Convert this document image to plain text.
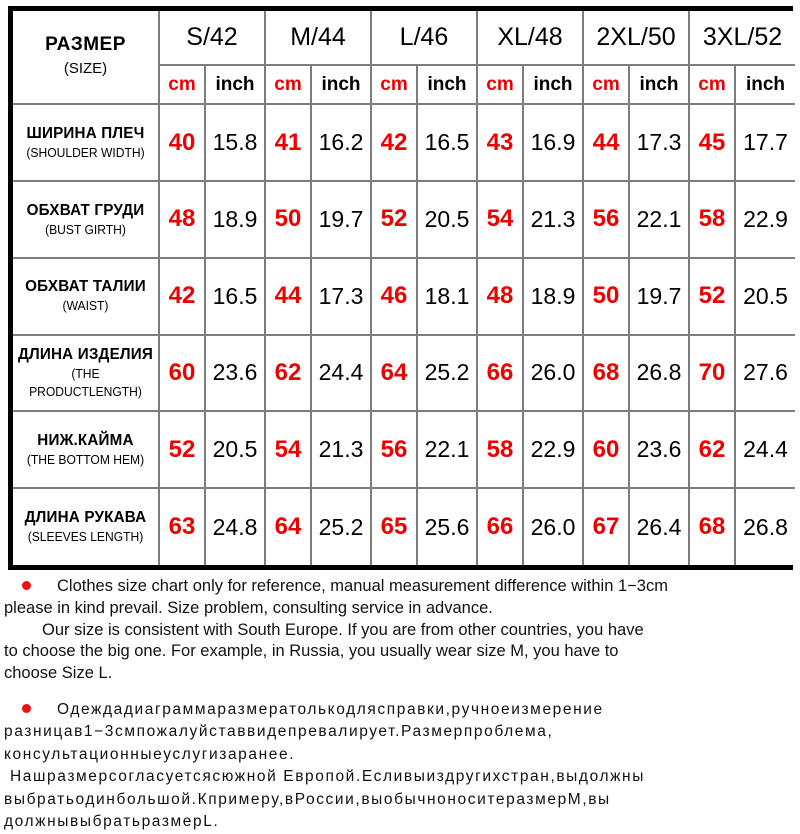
РАЗМЕР
(SIZE)	S/42		M/44		L/46		XL/48		2XL/50		3XL/52	
	cm	inch	cm	inch	cm	inch	cm	inch	cm	inch	cm	inch

ШИРИНА ПЛЕЧ
(SHOULDER WIDTH)	40	15.8	41	16.2	42	16.5	43	16.9	44	17.3	45	17.7

ОБХВАТ ГРУДИ
(BUST GIRTH)	48	18.9	50	19.7	52	20.5	54	21.3	56	22.1	58	22.9

ОБХВАТ ТАЛИИ
(WAIST)	42	16.5	44	17.3	46	18.1	48	18.9	50	19.7	52	20.5

ДЛИНА ИЗДЕЛИЯ
(THE PRODUCTLENGTH)	60	23.6	62	24.4	64	25.2	66	26.0	68	26.8	70	27.6

НИЖ.КАЙМА
(THE BOTTOM HEM)	52	20.5	54	21.3	56	22.1	58	22.9	60	23.6	62	24.4

ДЛИНА РУКАВА
(SLEEVES LENGTH)	63	24.8	64	25.2	65	25.6	66	26.0	67	26.4	68	26.8

Clothes size chart only for reference, manual measurement difference within 1−3cm

please in kind prevail. Size problem, consulting service in advance.

Our size is consistent with South Europe. If you are from other countries, you have

to choose the big one. For example, in Russia, you usually wear size M, you have to

choose Size L.

Одеждадиаграммаразмератолькодлясправки,ручноеизмерение

разницав1−3смпожалуйставвидепревалирует.Размерпроблема,

консультационныеуслугизаранее.

Нашразмерсогласуетсясюжной Европой.Есливыиздругихстран,выдолжны

выбратьодинбольшой.Кпримеру,вРоссии,выобычноноситеразмерМ,вы

должнывыбратьразмерL.
